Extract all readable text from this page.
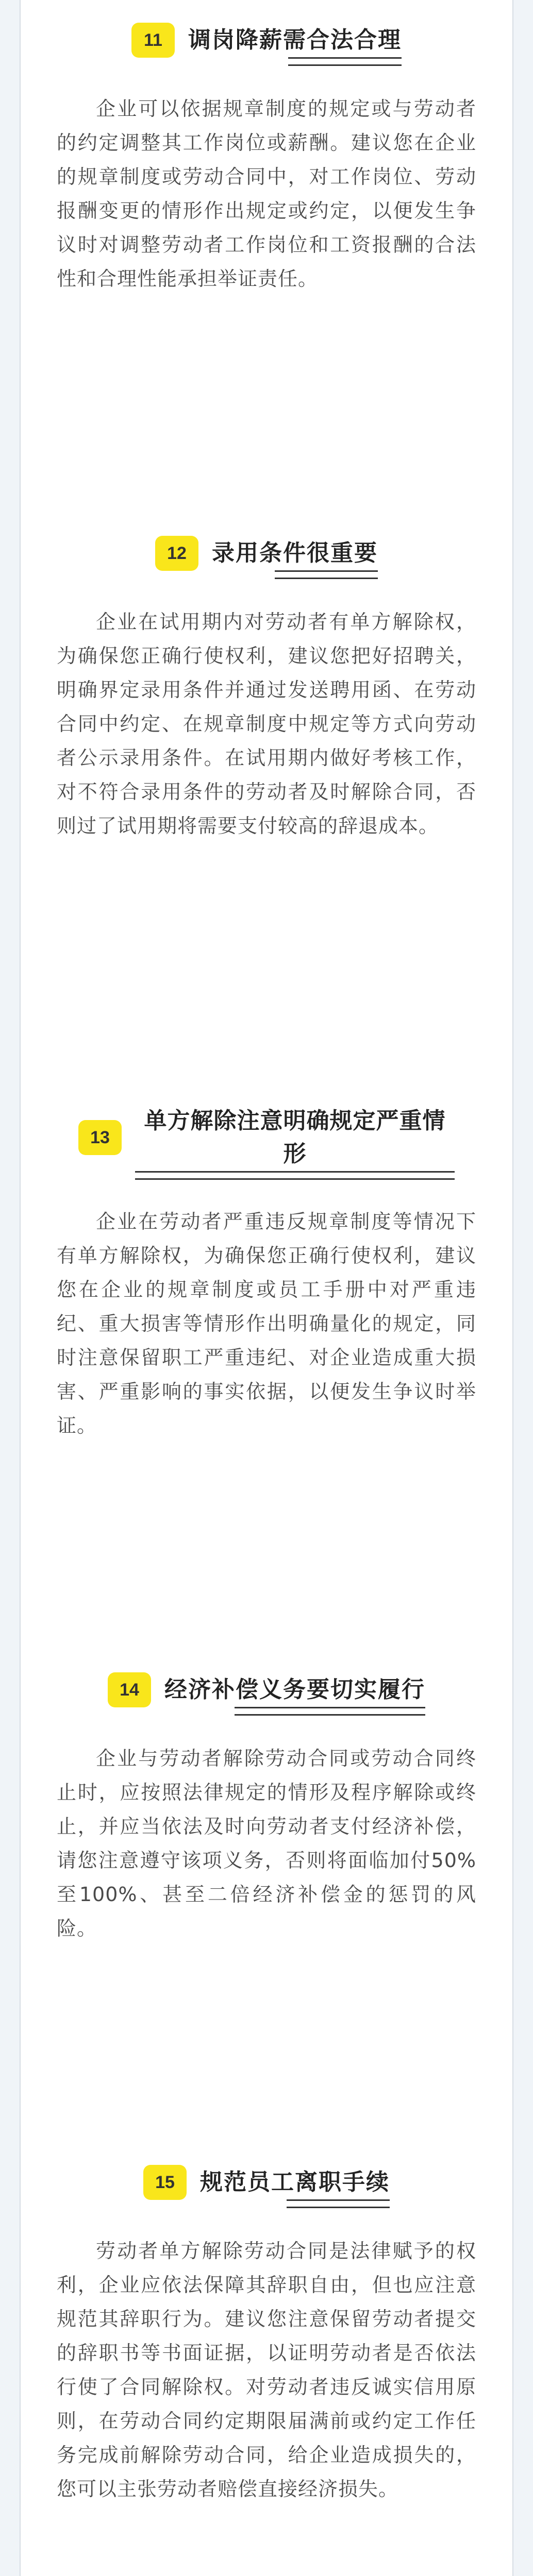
11	调岗降薪需合法合理

企业可以依据规章制度的规定或与劳动者的约定调整其工作岗位或薪酬。建议您在企业的规章制度或劳动合同中，对工作岗位、劳动报酬变更的情形作出规定或约定，以便发生争议时对调整劳动者工作岗位和工资报酬的合法性和合理性能承担举证责任。

12	录用条件很重要

企业在试用期内对劳动者有单方解除权，为确保您正确行使权利，建议您把好招聘关，明确界定录用条件并通过发送聘用函、在劳动合同中约定、在规章制度中规定等方式向劳动者公示录用条件。在试用期内做好考核工作，对不符合录用条件的劳动者及时解除合同，否则过了试用期将需要支付较高的辞退成本。

13
单方解除注意明确规定严重情形

企业在劳动者严重违反规章制度等情况下有单方解除权，为确保您正确行使权利，建议您在企业的规章制度或员工手册中对严重违纪、重大损害等情形作出明确量化的规定，同时注意保留职工严重违纪、对企业造成重大损害、严重影响的事实依据，以便发生争议时举证。

14	经济补偿义务要切实履行

企业与劳动者解除劳动合同或劳动合同终止时，应按照法律规定的情形及程序解除或终止，并应当依法及时向劳动者支付经济补偿，请您注意遵守该项义务，否则将面临加付50%至100%、甚至二倍经济补偿金的惩罚的风险。

15	规范员工离职手续

劳动者单方解除劳动合同是法律赋予的权利，企业应依法保障其辞职自由，但也应注意规范其辞职行为。建议您注意保留劳动者提交的辞职书等书面证据，以证明劳动者是否依法行使了合同解除权。对劳动者违反诚实信用原则，在劳动合同约定期限届满前或约定工作任务完成前解除劳动合同，给企业造成损失的，您可以主张劳动者赔偿直接经济损失。
